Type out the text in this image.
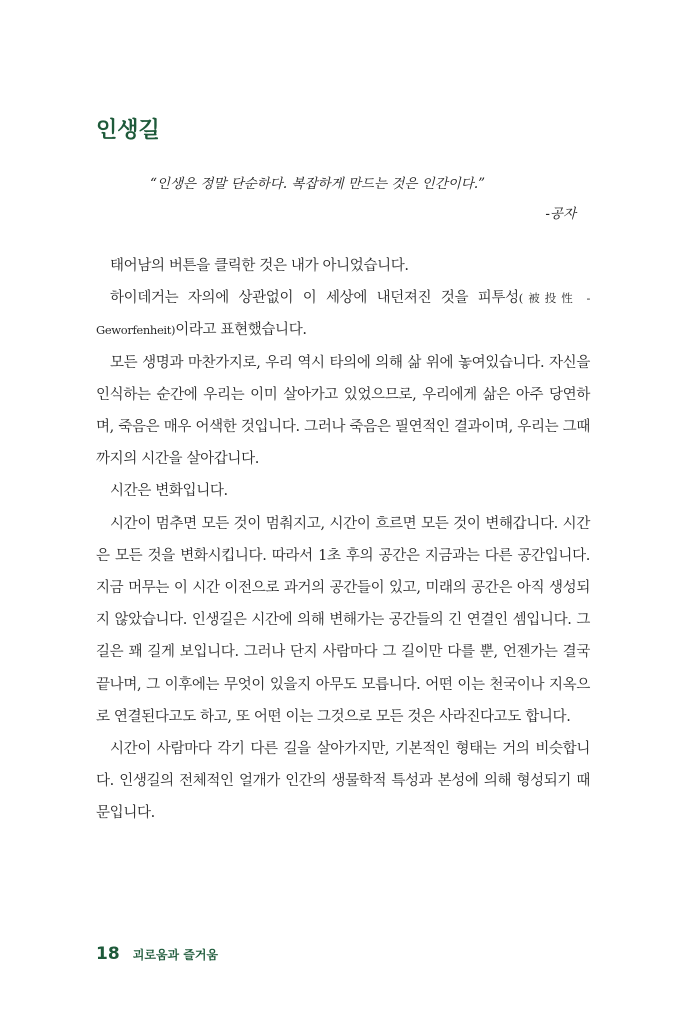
인생길
“인생은 정말 단순하다. 복잡하게 만드는 것은 인간이다.”
-공자

태어남의 버튼을 클릭한 것은 내가 아니었습니다.

하이데거는 자의에 상관없이 이 세상에 내던져진 것을 피투성(被投性 - Geworfenheit)이라고 표현했습니다.

모든 생명과 마찬가지로, 우리 역시 타의에 의해 삶 위에 놓여있습니다. 자신을 인식하는 순간에 우리는 이미 살아가고 있었으므로, 우리에게 삶은 아주 당연하며, 죽음은 매우 어색한 것입니다. 그러나 죽음은 필연적인 결과이며, 우리는 그때까지의 시간을 살아갑니다.

시간은 변화입니다.

시간이 멈추면 모든 것이 멈춰지고, 시간이 흐르면 모든 것이 변해갑니다. 시간은 모든 것을 변화시킵니다. 따라서 1초 후의 공간은 지금과는 다른 공간입니다. 지금 머무는 이 시간 이전으로 과거의 공간들이 있고, 미래의 공간은 아직 생성되지 않았습니다. 인생길은 시간에 의해 변해가는 공간들의 긴 연결인 셈입니다. 그 길은 꽤 길게 보입니다. 그러나 단지 사람마다 그 길이만 다를 뿐, 언젠가는 결국 끝나며, 그 이후에는 무엇이 있을지 아무도 모릅니다. 어떤 이는 천국이나 지옥으로 연결된다고도 하고, 또 어떤 이는 그것으로 모든 것은 사라진다고도 합니다.

시간이 사람마다 각기 다른 길을 살아가지만, 기본적인 형태는 거의 비슷합니다. 인생길의 전체적인 얼개가 인간의 생물학적 특성과 본성에 의해 형성되기 때문입니다.

18 괴로움과 즐거움
